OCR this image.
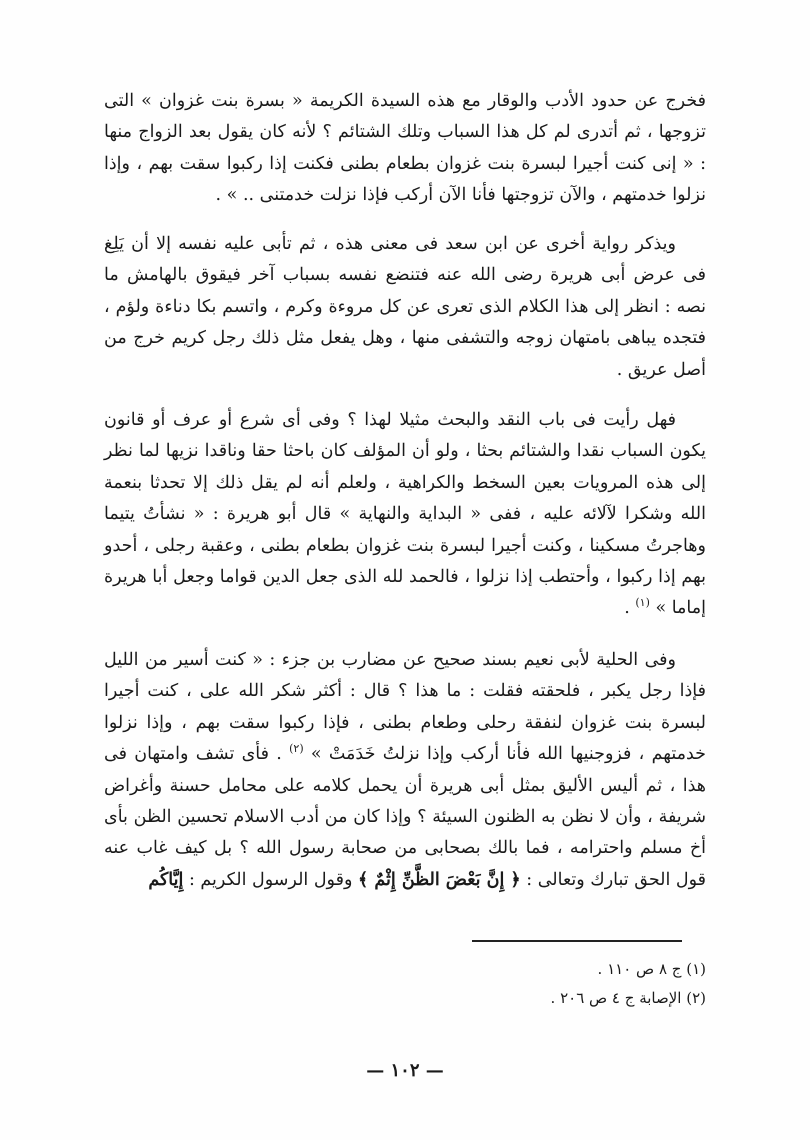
فخرج عن حدود الأدب والوقار مع هذه السيدة الكريمة « بسرة بنت غزوان » التى تزوجها ، ثم أتدرى لم كل هذا السباب وتلك الشتائم ؟ لأنه كان يقول بعد الزواج منها : « إنى كنت أجيرا لبسرة بنت غزوان بطعام بطنى فكنت إذا ركبوا سقت بهم ، وإذا نزلوا خدمتهم ، والآن تزوجتها فأنا الآن أركب فإذا نزلت خدمتنى .. » .

ويذكر رواية أخرى عن ابن سعد فى معنى هذه ، ثم تأبى عليه نفسه إلا أن يَلِغ فى عرض أبى هريرة رضى الله عنه فتنضع نفسه بسباب آخر فيقوق بالهامش ما نصه : انظر إلى هذا الكلام الذى تعرى عن كل مروءة وكرم ، واتسم بكا دناءة ولؤم ، فتجده يباهى بامتهان زوجه والتشفى منها ، وهل يفعل مثل ذلك رجل كريم خرج من أصل عريق .

فهل رأيت فى باب النقد والبحث مثيلا لهذا ؟ وفى أى شرع أو عرف أو قانون يكون السباب نقدا والشتائم بحثا ، ولو أن المؤلف كان باحثا حقا وناقدا نزيها لما نظر إلى هذه المرويات بعين السخط والكراهية ، ولعلم أنه لم يقل ذلك إلا تحدثا بنعمة الله وشكرا لآلائه عليه ، ففى « البداية والنهاية » قال أبو هريرة : « نشأتُ يتيما وهاجرتُ مسكينا ، وكنت أجيرا لبسرة بنت غزوان بطعام بطنى ، وعقبة رجلى ، أحدو بهم إذا ركبوا ، وأحتطب إذا نزلوا ، فالحمد لله الذى جعل الدين قواما وجعل أبا هريرة إماما » $^{(١)}$ .

وفى الحلية لأبى نعيم بسند صحيح عن مضارب بن جزء : « كنت أسير من الليل فإذا رجل يكبر ، فلحقته فقلت : ما هذا ؟ قال : أكثر شكر الله على ، كنت أجيرا لبسرة بنت غزوان لنفقة رحلى وطعام بطنى ، فإذا ركبوا سقت بهم ، وإذا نزلوا خدمتهم ، فزوجنيها الله فأنا أركب وإذا نزلتُ خَدَمَتْ » $^{(٢)}$ . فأى تشف وامتهان فى هذا ، ثم أليس الأليق بمثل أبى هريرة أن يحمل كلامه على محامل حسنة وأغراض شريفة ، وأن لا نظن به الظنون السيئة ؟ وإذا كان من أدب الاسلام تحسين الظن بأى أخ مسلم واحترامه ، فما بالك بصحابى من صحابة رسول الله ؟ بل كيف غاب عنه قول الحق تبارك وتعالى : ﴿ إِنَّ بَعْضَ الظَّنِّ إِثْمٌ ﴾ وقول الرسول الكريم : إِيَّاكُم

(١) ج ٨ ص ١١٠ .
(٢) الإصابة ج ٤ ص ٢٠٦ .
— ١٠٢ —
